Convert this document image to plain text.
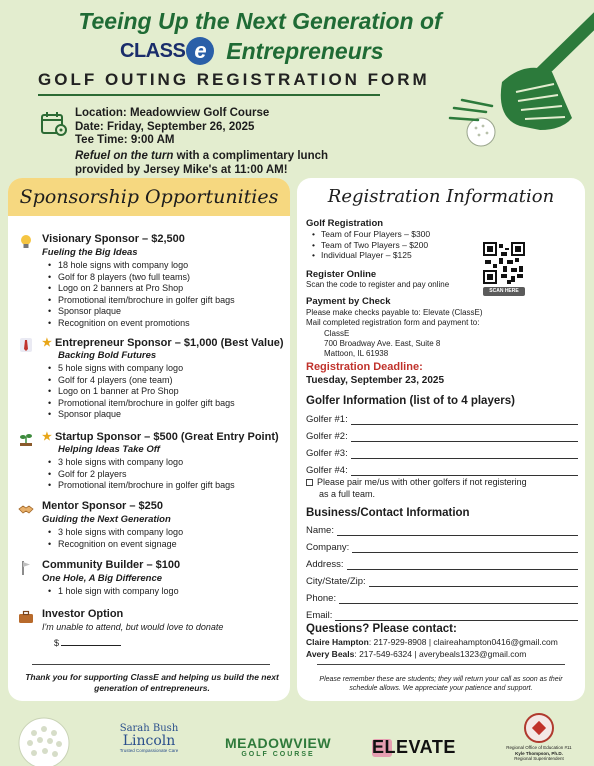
Teeing Up the Next Generation of
CLASS e Entrepreneurs
GOLF OUTING REGISTRATION FORM
Location: Meadowview Golf Course
Date: Friday, September 26, 2025
Tee Time: 9:00 AM
Refuel on the turn with a complimentary lunch provided by Jersey Mike's at 11:00 AM!
Sponsorship Opportunities
Visionary Sponsor – $2,500
Fueling the Big Ideas
• 18 hole signs with company logo
• Golf for 8 players (two full teams)
• Logo on 2 banners at Pro Shop
• Promotional item/brochure in golfer gift bags
• Sponsor plaque
• Recognition on event promotions
★ Entrepreneur Sponsor – $1,000 (Best Value)
Backing Bold Futures
• 5 hole signs with company logo
• Golf for 4 players (one team)
• Logo on 1 banner at Pro Shop
• Promotional item/brochure in golfer gift bags
• Sponsor plaque
★ Startup Sponsor – $500 (Great Entry Point)
Helping Ideas Take Off
• 3 hole signs with company logo
• Golf for 2 players
• Promotional item/brochure in golfer gift bags
Mentor Sponsor – $250
Guiding the Next Generation
• 3 hole signs with company logo
• Recognition on event signage
Community Builder – $100
One Hole, A Big Difference
• 1 hole sign with company logo
Investor Option
I'm unable to attend, but would love to donate
$
Thank you for supporting ClassE and helping us build the next generation of entrepreneurs.
Registration Information
Golf Registration
• Team of Four Players – $300
• Team of Two Players – $200
• Individual Player – $125
SCAN HERE
Register Online
Scan the code to register and pay online
Payment by Check
Please make checks payable to: Elevate (ClassE)
Mail completed registration form and payment to:
ClassE
700 Broadway Ave. East, Suite 8
Mattoon, IL 61938
Registration Deadline:
Tuesday, September 23, 2025
Golfer Information (list of to 4 players)
Golfer #1:
Golfer #2:
Golfer #3:
Golfer #4:
Please pair me/us with other golfers if not registering
as a full team.
Business/Contact Information
Name:
Company:
Address:
City/State/Zip:
Phone:
Email:
Questions? Please contact:
Claire Hampton: 217-929-8908 | claireahampton0416@gmail.com
Avery Beals: 217-549-6324 | averybeals1323@gmail.com
Please remember these are students; they will return your call as soon as their schedule allows. We appreciate your patience and support.
Sarah Bush
Lincoln
Trusted Compassionate Care	MEADOWVIEW
GOLF COURSE	ELEVATE	Regional Office of Education #11
Kyle Thompson, Ph.D.
Regional Superintendent
